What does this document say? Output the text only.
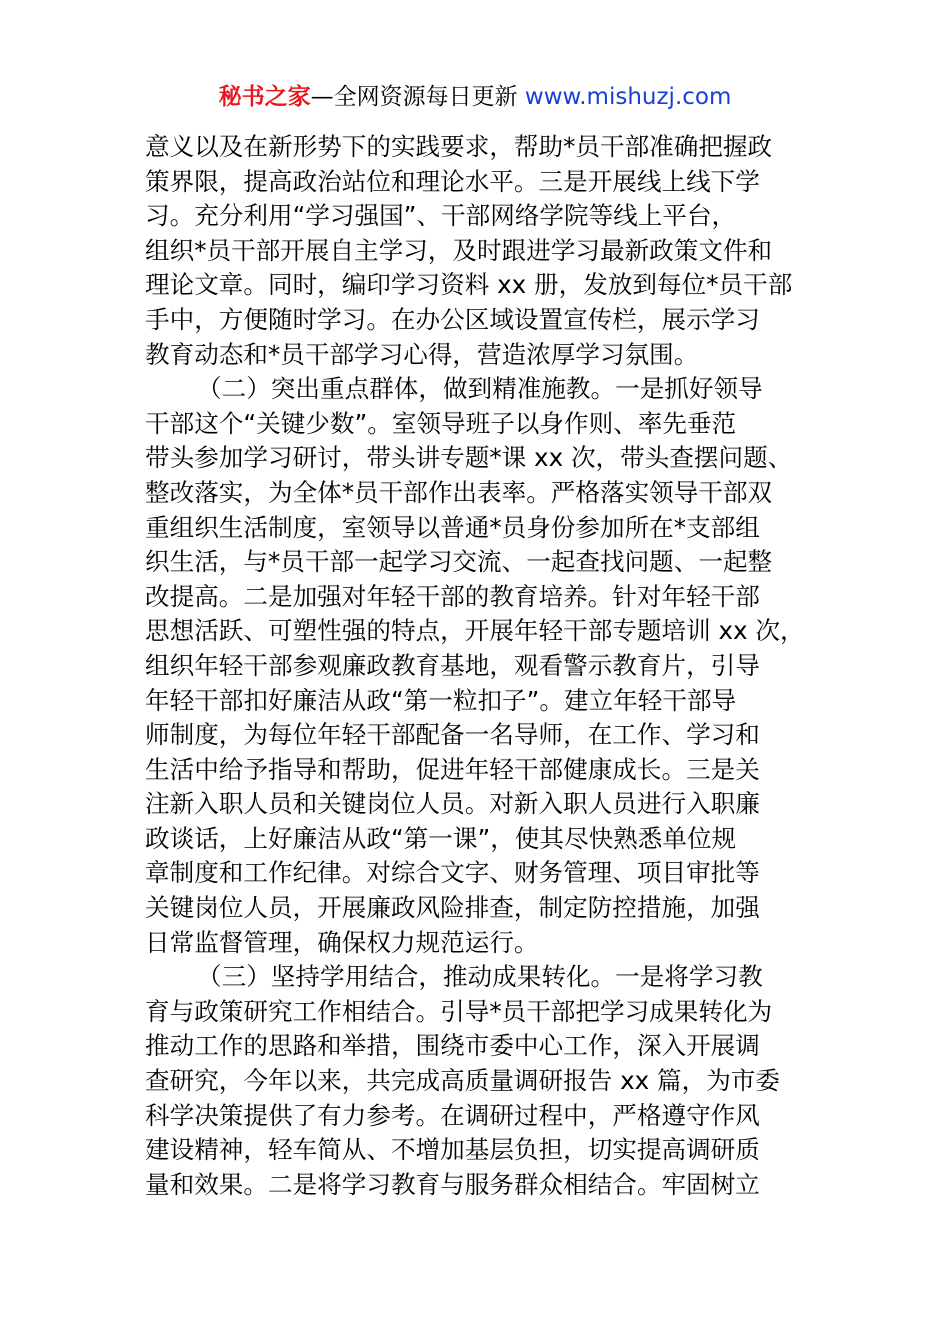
秘书之家—全网资源每日更新 www.mishuzj.com
意义以及在新形势下的实践要求，帮助*员干部准确把握政
策界限，提高政治站位和理论水平。三是开展线上线下学
习。充分利用“学习强国”、干部网络学院等线上平台，
组织*员干部开展自主学习，及时跟进学习最新政策文件和
理论文章。同时，编印学习资料 xx 册，发放到每位*员干部
手中，方便随时学习。在办公区域设置宣传栏，展示学习
教育动态和*员干部学习心得，营造浓厚学习氛围。
（二）突出重点群体，做到精准施教。一是抓好领导
干部这个“关键少数”。室领导班子以身作则、率先垂范
带头参加学习研讨，带头讲专题*课 xx 次，带头查摆问题、
整改落实，为全体*员干部作出表率。严格落实领导干部双
重组织生活制度，室领导以普通*员身份参加所在*支部组
织生活，与*员干部一起学习交流、一起查找问题、一起整
改提高。二是加强对年轻干部的教育培养。针对年轻干部
思想活跃、可塑性强的特点，开展年轻干部专题培训 xx 次，
组织年轻干部参观廉政教育基地，观看警示教育片，引导
年轻干部扣好廉洁从政“第一粒扣子”。建立年轻干部导
师制度，为每位年轻干部配备一名导师，在工作、学习和
生活中给予指导和帮助，促进年轻干部健康成长。三是关
注新入职人员和关键岗位人员。对新入职人员进行入职廉
政谈话，上好廉洁从政“第一课”，使其尽快熟悉单位规
章制度和工作纪律。对综合文字、财务管理、项目审批等
关键岗位人员，开展廉政风险排查，制定防控措施，加强
日常监督管理，确保权力规范运行。
（三）坚持学用结合，推动成果转化。一是将学习教
育与政策研究工作相结合。引导*员干部把学习成果转化为
推动工作的思路和举措，围绕市委中心工作，深入开展调
查研究，今年以来，共完成高质量调研报告 xx 篇，为市委
科学决策提供了有力参考。在调研过程中，严格遵守作风
建设精神，轻车简从、不增加基层负担，切实提高调研质
量和效果。二是将学习教育与服务群众相结合。牢固树立
